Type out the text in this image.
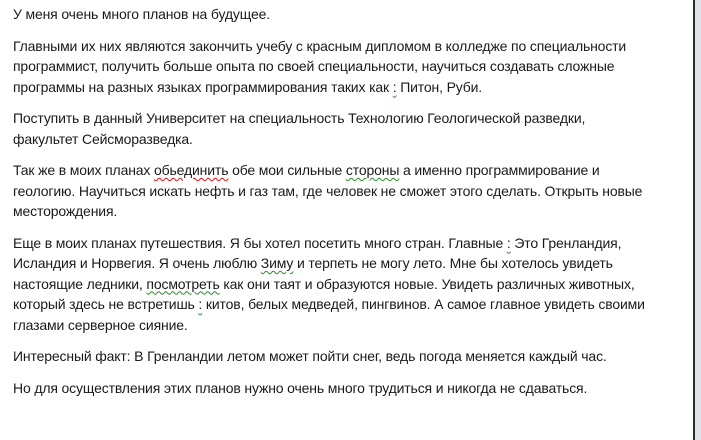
У меня очень много планов на будущее.

Главными их них являются закончить учебу с красным дипломом в колледже по специальности
программист, получить больше опыта по своей специальности, научиться создавать сложные
программы на разных языках программирования таких как : Питон, Руби.

Поступить в данный Университет на специальность Технологию Геологической разведки,
факультет Сейсморазведка.

Так же в моих планах обьединить обе мои сильные стороны а именно программирование и
геологию. Научиться искать нефть и газ там, где человек не сможет этого сделать. Открыть новые
месторождения.

Еще в моих планах путешествия. Я бы хотел посетить много стран. Главные : Это Гренландия,
Исландия и Норвегия. Я очень люблю Зиму и терпеть не могу лето. Мне бы хотелось увидеть
настоящие ледники, посмотреть как они таят и образуются новые. Увидеть различных животных,
который здесь не встретишь : китов, белых медведей, пингвинов. А самое главное увидеть своими
глазами серверное сияние.

Интересный факт: В Гренландии летом может пойти снег, ведь погода меняется каждый час.

Но для осуществления этих планов нужно очень много трудиться и никогда не сдаваться.
